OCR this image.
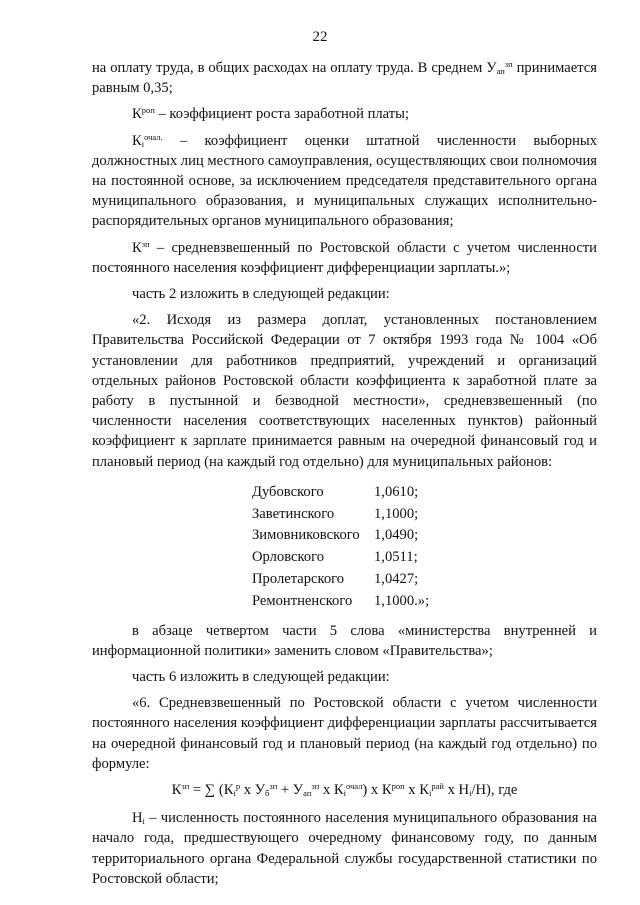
22

на оплату труда, в общих расходах на оплату труда. В среднем $У_{ап}^{зп}$ принимается равным 0,35;

$К^{роп}$ – коэффициент роста заработной платы;

$К_i^{очал.}$ – коэффициент оценки штатной численности выборных должностных лиц местного самоуправления, осуществляющих свои полномочия на постоянной основе, за исключением председателя представительного органа муниципального образования, и муниципальных служащих исполнительно-распорядительных органов муниципального образования;

$К^{зп}$ – средневзвешенный по Ростовской области с учетом численности постоянного населения коэффициент дифференциации зарплаты.»;

часть 2 изложить в следующей редакции:

«2. Исходя из размера доплат, установленных постановлением Правительства Российской Федерации от 7 октября 1993 года № 1004 «Об установлении для работников предприятий, учреждений и организаций отдельных районов Ростовской области коэффициента к заработной плате за работу в пустынной и безводной местности», средневзвешенный (по численности населения соответствующих населенных пунктов) районный коэффициент к зарплате принимается равным на очередной финансовый год и плановый период (на каждый год отдельно) для муниципальных районов:

Дубовского	1,0610;
Заветинского	1,1000;
Зимовниковского 1,0490;
Орловского	1,0511;
Пролетарского	1,0427;
Ремонтненского	1,1000.»;

в абзаце четвертом части 5 слова «министерства внутренней и информационной политики» заменить словом «Правительства»;

часть 6 изложить в следующей редакции:

«6. Средневзвешенный по Ростовской области с учетом численности постоянного населения коэффициент дифференциации зарплаты рассчитывается на очередной финансовый год и плановый период (на каждый год отдельно) по формуле:

$К^{зп}$ = ∑ ($К_i^р$ х $У_б^{зп} + У_{ап}^{зп}$ х $К_i^{очал}$) х $К^{роп}$ х $К_i^{рай}$ х $Н_i/Н$), где

$Н_i$ – численность постоянного населения муниципального образования на начало года, предшествующего очередному финансовому году, по данным территориального органа Федеральной службы государственной статистики по Ростовской области;
